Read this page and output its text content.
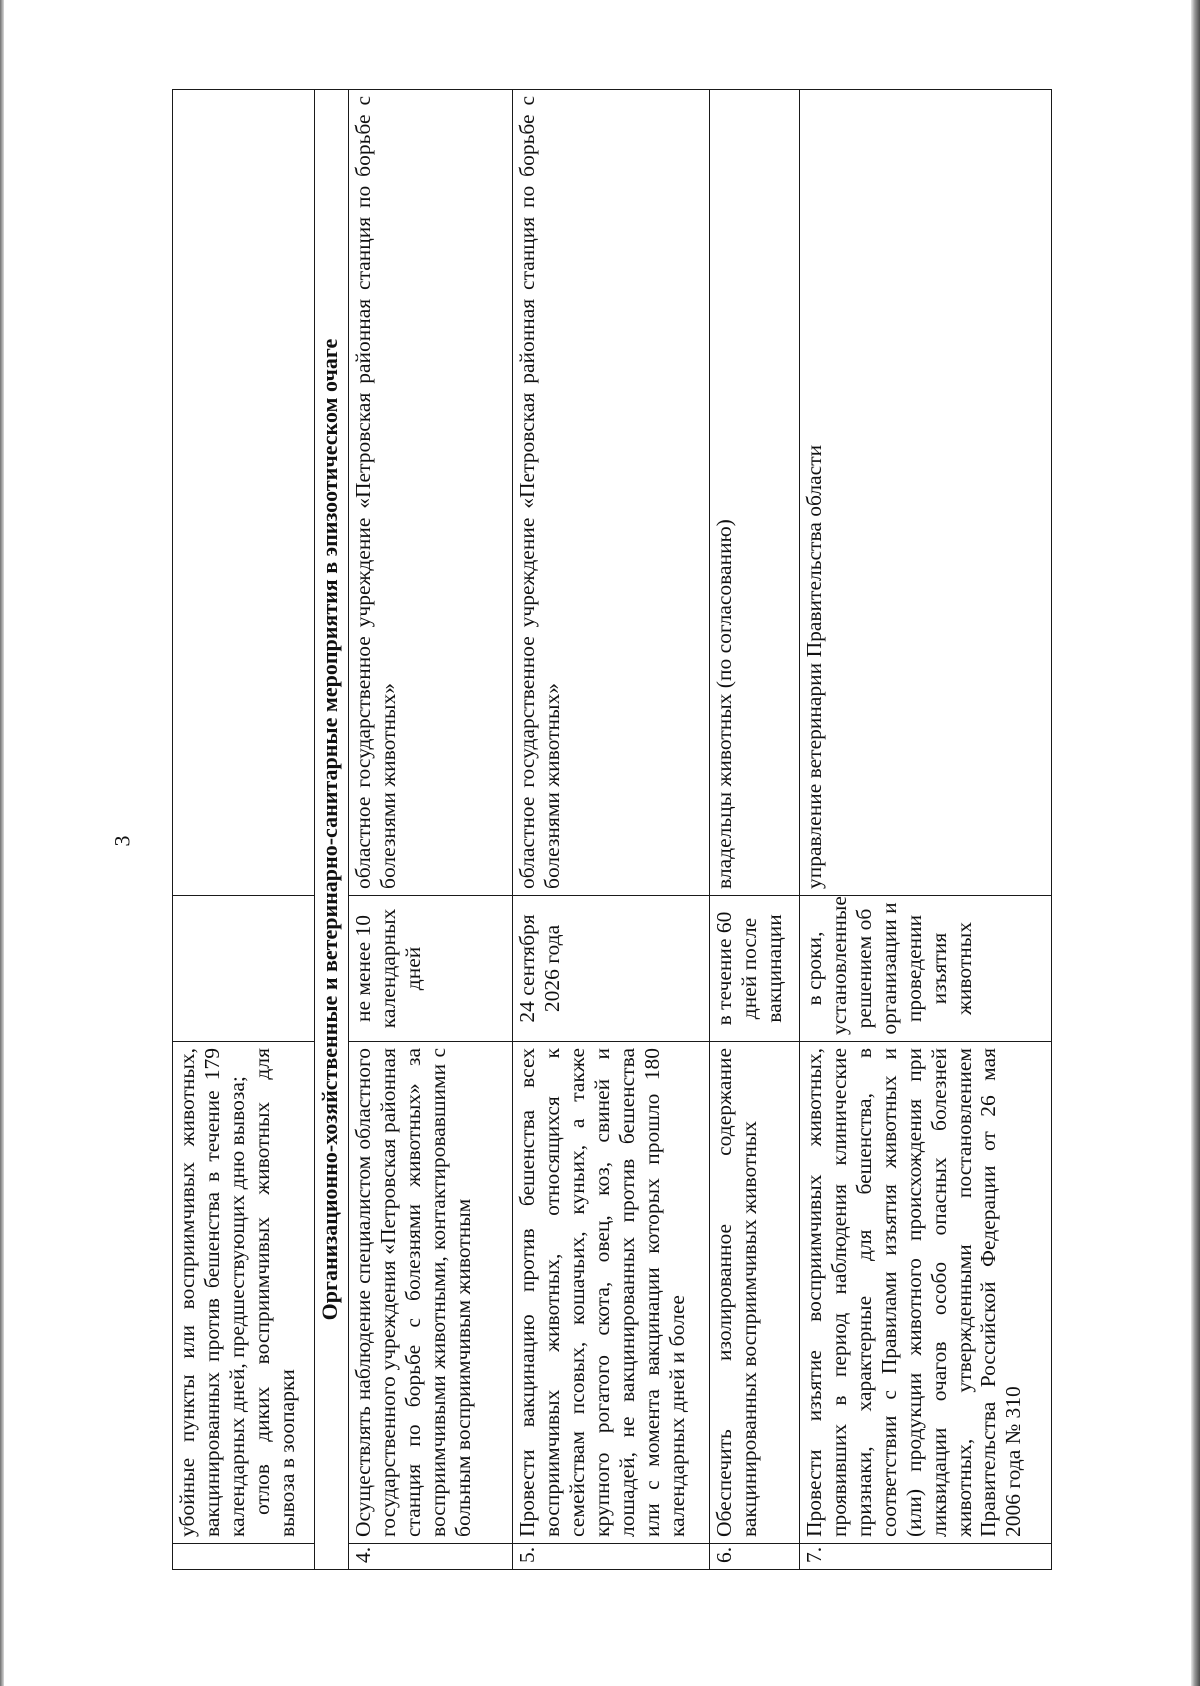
3

	убойные пункты или восприимчивых животных, вакцинированных против бешенства в течение 179 календарных дней, предшествующих дню вывоза; отлов диких восприимчивых животных для вывоза в зоопарки		

Организационно-хозяйственные и ветеринарно-санитарные мероприятия в эпизоотическом очаге			
4.	Осуществлять наблюдение специалистом областного государственного учреждения «Петровская районная станция по борьбе с болезнями животных» за восприимчивыми животными, контактировавшими с больным восприимчивым животным	не менее 10 календарных дней	областное государственное учреждение «Петровская районная станция по борьбе с болезнями животных»
5.	Провести вакцинацию против бешенства всех восприимчивых животных, относящихся к семействам псовых, кошачьих, куньих, а также крупного рогатого скота, овец, коз, свиней и лошадей, не вакцинированных против бешенства или с момента вакцинации которых прошло 180 календарных дней и более	24 сентября 2026 года	областное государственное учреждение «Петровская районная станция по борьбе с болезнями животных»
6.	Обеспечить изолированное содержание вакцинированных восприимчивых животных	в течение 60 дней после вакцинации	владельцы животных (по согласованию)
7.	Провести изъятие восприимчивых животных, проявивших в период наблюдения клинические признаки, характерные для бешенства, в соответствии с Правилами изъятия животных и (или) продукции животного происхождения при ликвидации очагов особо опасных болезней животных, утвержденными постановлением Правительства Российской Федерации от 26 мая 2006 года № 310	в сроки, установленные решением об организации и проведении изъятия животных	управление ветеринарии Правительства области
